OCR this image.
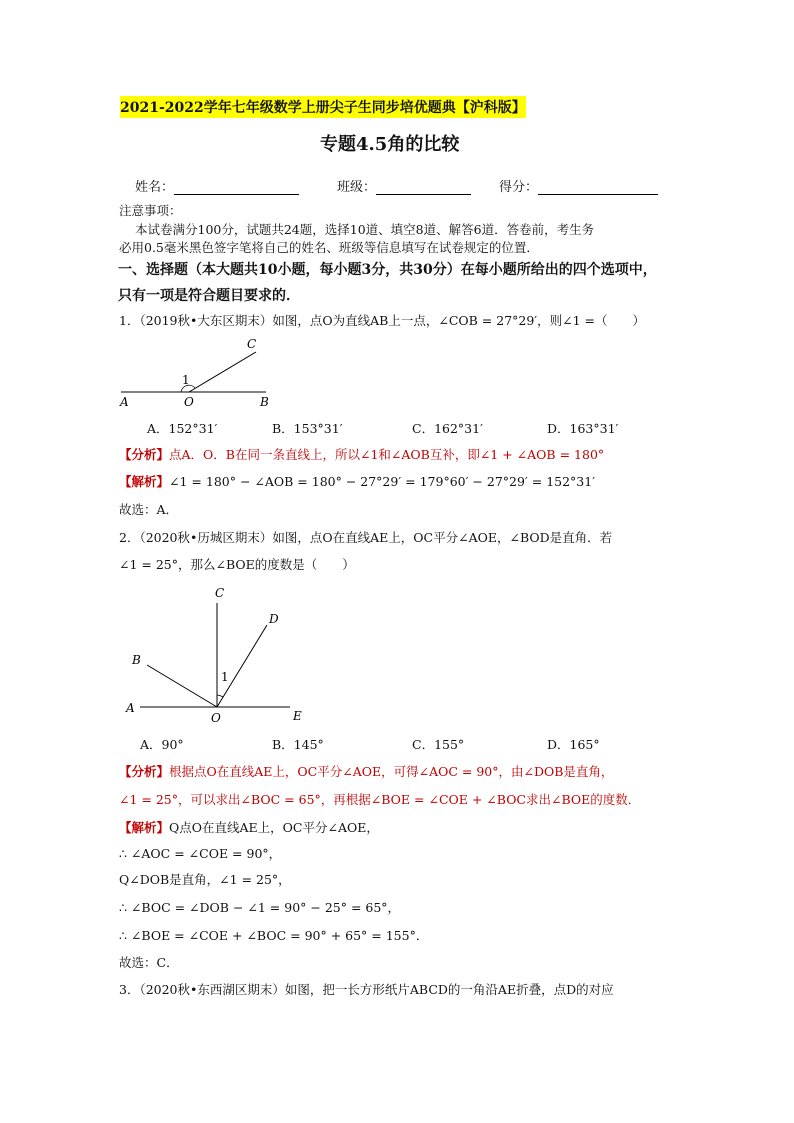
2021-2022学年七年级数学上册尖子生同步培优题典【沪科版】
专题4.5角的比较
姓名：	班级：	得分：
注意事项：
本试卷满分100分，试题共24题，选择10道、填空8道、解答6道．答卷前，考生务
必用0.5毫米黑色签字笔将自己的姓名、班级等信息填写在试卷规定的位置．
一、选择题（本大题共10小题，每小题3分，共30分）在每小题所给出的四个选项中，
只有一项是符合题目要求的．
1．（2019秋•大东区期末）如图，点O为直线AB上一点，∠COB = 27°29′，则∠1 =（　　）
C
1
A	O	B
A．152°31′	B．153°31′	C．162°31′	D．163°31′
【分析】点A．O．B在同一条直线上，所以∠1和∠AOB互补，即∠1 + ∠AOB = 180°
【解析】∠1 = 180° − ∠AOB = 180° − 27°29′ = 179°60′ − 27°29′ = 152°31′
故选：A．
2．（2020秋•历城区期末）如图，点O在直线AE上，OC平分∠AOE，∠BOD是直角．若
∠1 = 25°，那么∠BOE的度数是（　　）
C
D
B
1
A
O	E
A．90°	B．145°	C．155°	D．165°
【分析】根据点O在直线AE上，OC平分∠AOE，可得∠AOC = 90°，由∠DOB是直角，
∠1 = 25°，可以求出∠BOC = 65°，再根据∠BOE = ∠COE + ∠BOC求出∠BOE的度数．
【解析】Q点O在直线AE上，OC平分∠AOE，
∴ ∠AOC = ∠COE = 90°，
Q∠DOB是直角，∠1 = 25°，
∴ ∠BOC = ∠DOB − ∠1 = 90° − 25° = 65°，
∴ ∠BOE = ∠COE + ∠BOC = 90° + 65° = 155°．
故选：C．
3．（2020秋•东西湖区期末）如图，把一长方形纸片ABCD的一角沿AE折叠，点D的对应
